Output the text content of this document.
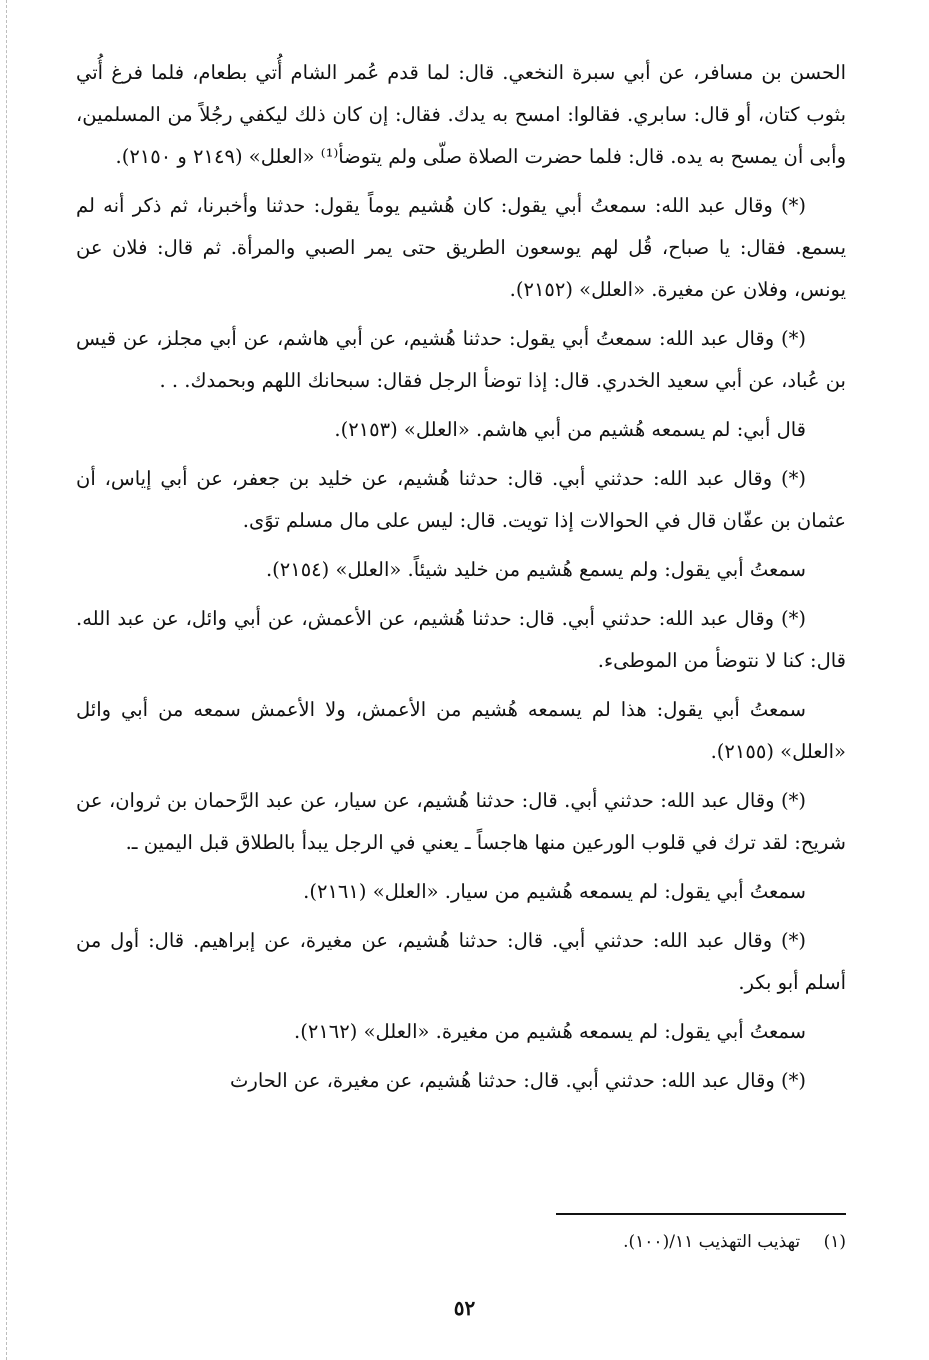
الحسن بن مسافر، عن أبي سبرة النخعي. قال: لما قدم عُمر الشام أُتي بطعام، فلما فرغ أُتي بثوب كتان، أو قال: سابري. فقالوا: امسح به يدك. فقال: إن كان ذلك ليكفي رجُلاً من المسلمين، وأبى أن يمسح به يده. قال: فلما حضرت الصلاة صلّى ولم يتوضأ⁽¹⁾ «العلل» (٢١٤٩ و ٢١٥٠).

(*) وقال عبد الله: سمعتُ أبي يقول: كان هُشيم يوماً يقول: حدثنا وأخبرنا، ثم ذكر أنه لم يسمع. فقال: يا صباح، قُل لهم يوسعون الطريق حتى يمر الصبي والمرأة. ثم قال: فلان عن يونس، وفلان عن مغيرة. «العلل» (٢١٥٢).

(*) وقال عبد الله: سمعتُ أبي يقول: حدثنا هُشيم، عن أبي هاشم، عن أبي مجلز، عن قيس بن عُباد، عن أبي سعيد الخدري. قال: إذا توضأ الرجل فقال: سبحانك اللهم وبحمدك. . .

قال أبي: لم يسمعه هُشيم من أبي هاشم. «العلل» (٢١٥٣).

(*) وقال عبد الله: حدثني أبي. قال: حدثنا هُشيم، عن خليد بن جعفر، عن أبي إياس، أن عثمان بن عفّان قال في الحوالات إذا تويت. قال: ليس على مال مسلم توًى.

سمعتُ أبي يقول: ولم يسمع هُشيم من خليد شيئاً. «العلل» (٢١٥٤).

(*) وقال عبد الله: حدثني أبي. قال: حدثنا هُشيم، عن الأعمش، عن أبي وائل، عن عبد الله. قال: كنا لا نتوضأ من الموطىء.

سمعتُ أبي يقول: هذا لم يسمعه هُشيم من الأعمش، ولا الأعمش سمعه من أبي وائل «العلل» (٢١٥٥).

(*) وقال عبد الله: حدثني أبي. قال: حدثنا هُشيم، عن سيار، عن عبد الرَّحمان بن ثروان، عن شريح: لقد ترك في قلوب الورعين منها هاجساً ـ يعني في الرجل يبدأ بالطلاق قبل اليمين ـ.

سمعتُ أبي يقول: لم يسمعه هُشيم من سيار. «العلل» (٢١٦١).

(*) وقال عبد الله: حدثني أبي. قال: حدثنا هُشيم، عن مغيرة، عن إبراهيم. قال: أول من أسلم أبو بكر.

سمعتُ أبي يقول: لم يسمعه هُشيم من مغيرة. «العلل» (٢١٦٢).

(*) وقال عبد الله: حدثني أبي. قال: حدثنا هُشيم، عن مغيرة، عن الحارث

(١) تهذيب التهذيب ١١/(١٠٠).
٥٢
